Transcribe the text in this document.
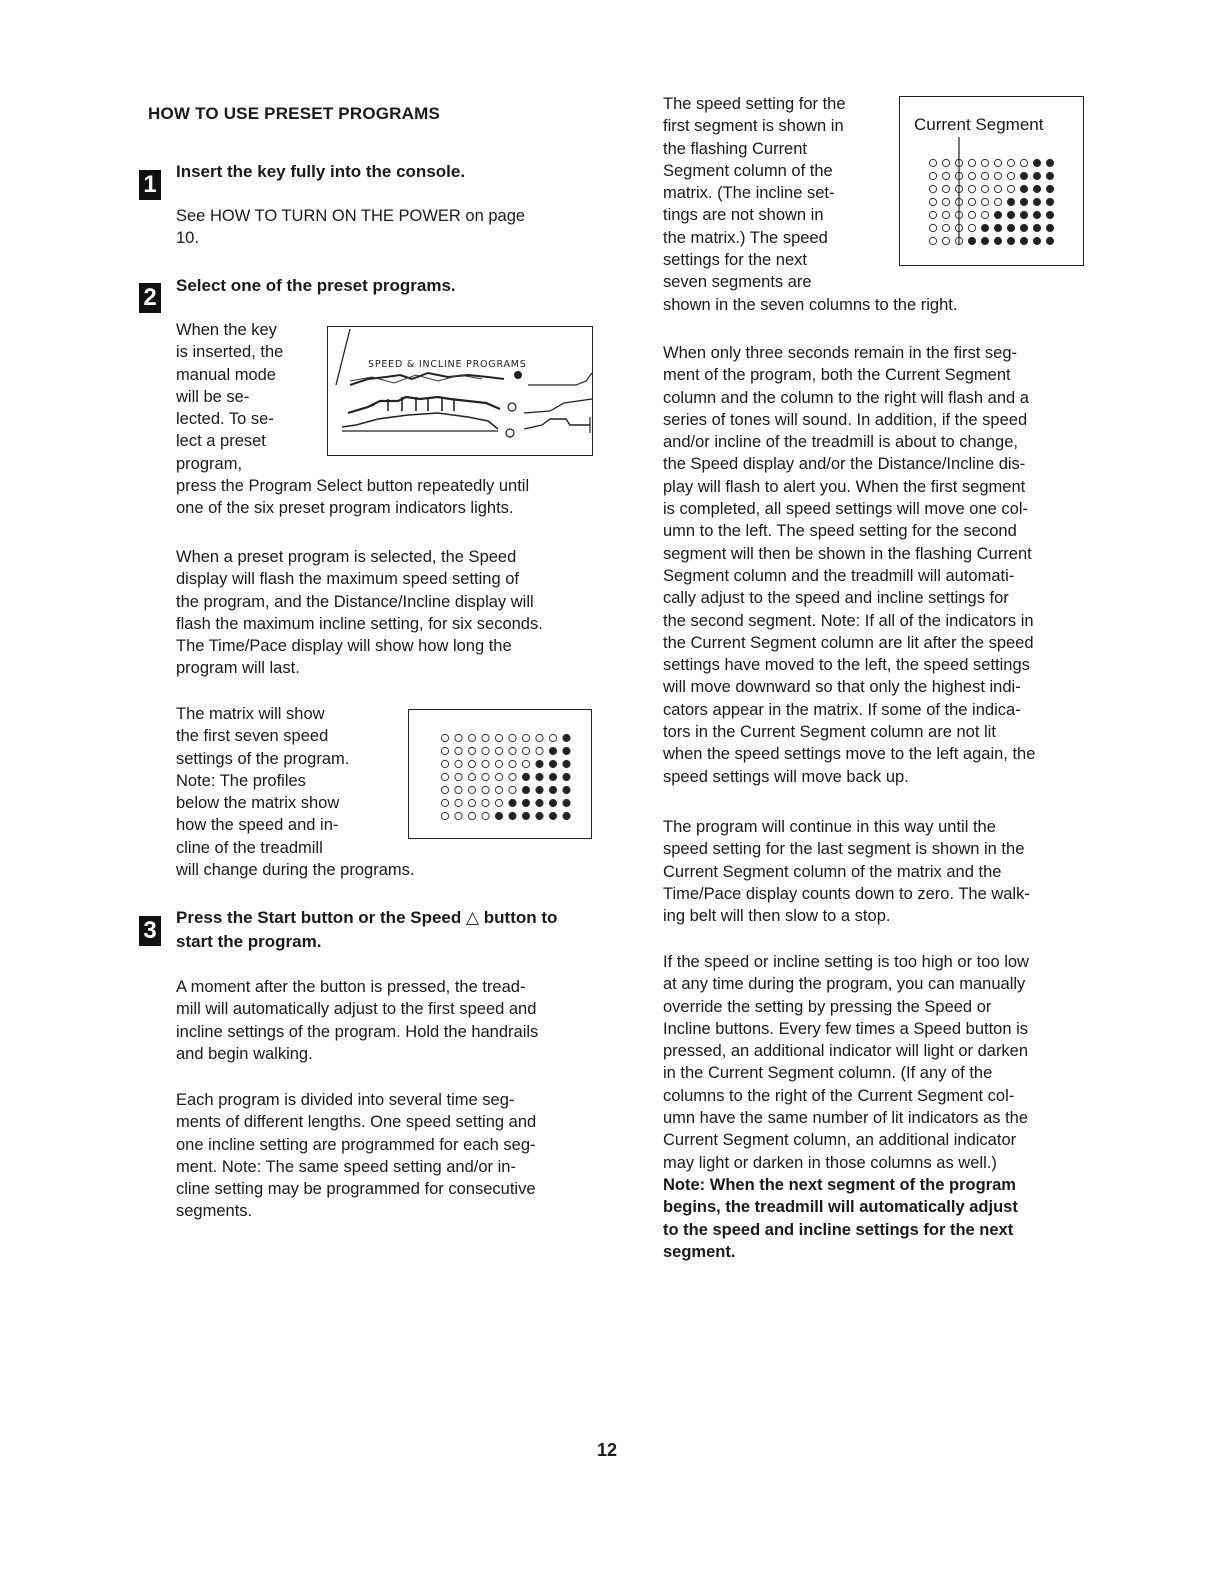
HOW TO USE PRESET PROGRAMS
1 Insert the key fully into the console.

See HOW TO TURN ON THE POWER on page

10.

2 Select one of the preset programs.

When the key

is inserted, the

manual mode

will be se-

lected. To se-

lect a preset

program,

press the Program Select button repeatedly until

one of the six preset program indicators lights.

SPEED & INCLINE PROGRAMS

When a preset program is selected, the Speed

display will flash the maximum speed setting of

the program, and the Distance/Incline display will

flash the maximum incline setting, for six seconds.

The Time/Pace display will show how long the

program will last.

The matrix will show

the first seven speed

settings of the program.

Note: The profiles

below the matrix show

how the speed and in-

cline of the treadmill

will change during the programs.

3 Press the Start button or the Speed △ button to
start the program.

A moment after the button is pressed, the tread-

mill will automatically adjust to the first speed and

incline settings of the program. Hold the handrails

and begin walking.

Each program is divided into several time seg-

ments of different lengths. One speed setting and

one incline setting are programmed for each seg-

ment. Note: The same speed setting and/or in-

cline setting may be programmed for consecutive

segments.

The speed setting for the

first segment is shown in

the flashing Current

Segment column of the

matrix. (The incline set-

tings are not shown in

the matrix.) The speed

settings for the next

seven segments are

shown in the seven columns to the right.

Current Segment

When only three seconds remain in the first seg-

ment of the program, both the Current Segment

column and the column to the right will flash and a

series of tones will sound. In addition, if the speed

and/or incline of the treadmill is about to change,

the Speed display and/or the Distance/Incline dis-

play will flash to alert you. When the first segment

is completed, all speed settings will move one col-

umn to the left. The speed setting for the second

segment will then be shown in the flashing Current

Segment column and the treadmill will automati-

cally adjust to the speed and incline settings for

the second segment. Note: If all of the indicators in

the Current Segment column are lit after the speed

settings have moved to the left, the speed settings

will move downward so that only the highest indi-

cators appear in the matrix. If some of the indica-

tors in the Current Segment column are not lit

when the speed settings move to the left again, the

speed settings will move back up.

The program will continue in this way until the

speed setting for the last segment is shown in the

Current Segment column of the matrix and the

Time/Pace display counts down to zero. The walk-

ing belt will then slow to a stop.

If the speed or incline setting is too high or too low

at any time during the program, you can manually

override the setting by pressing the Speed or

Incline buttons. Every few times a Speed button is

pressed, an additional indicator will light or darken

in the Current Segment column. (If any of the

columns to the right of the Current Segment col-

umn have the same number of lit indicators as the

Current Segment column, an additional indicator

may light or darken in those columns as well.)

Note: When the next segment of the program

begins, the treadmill will automatically adjust

to the speed and incline settings for the next

segment.

12
